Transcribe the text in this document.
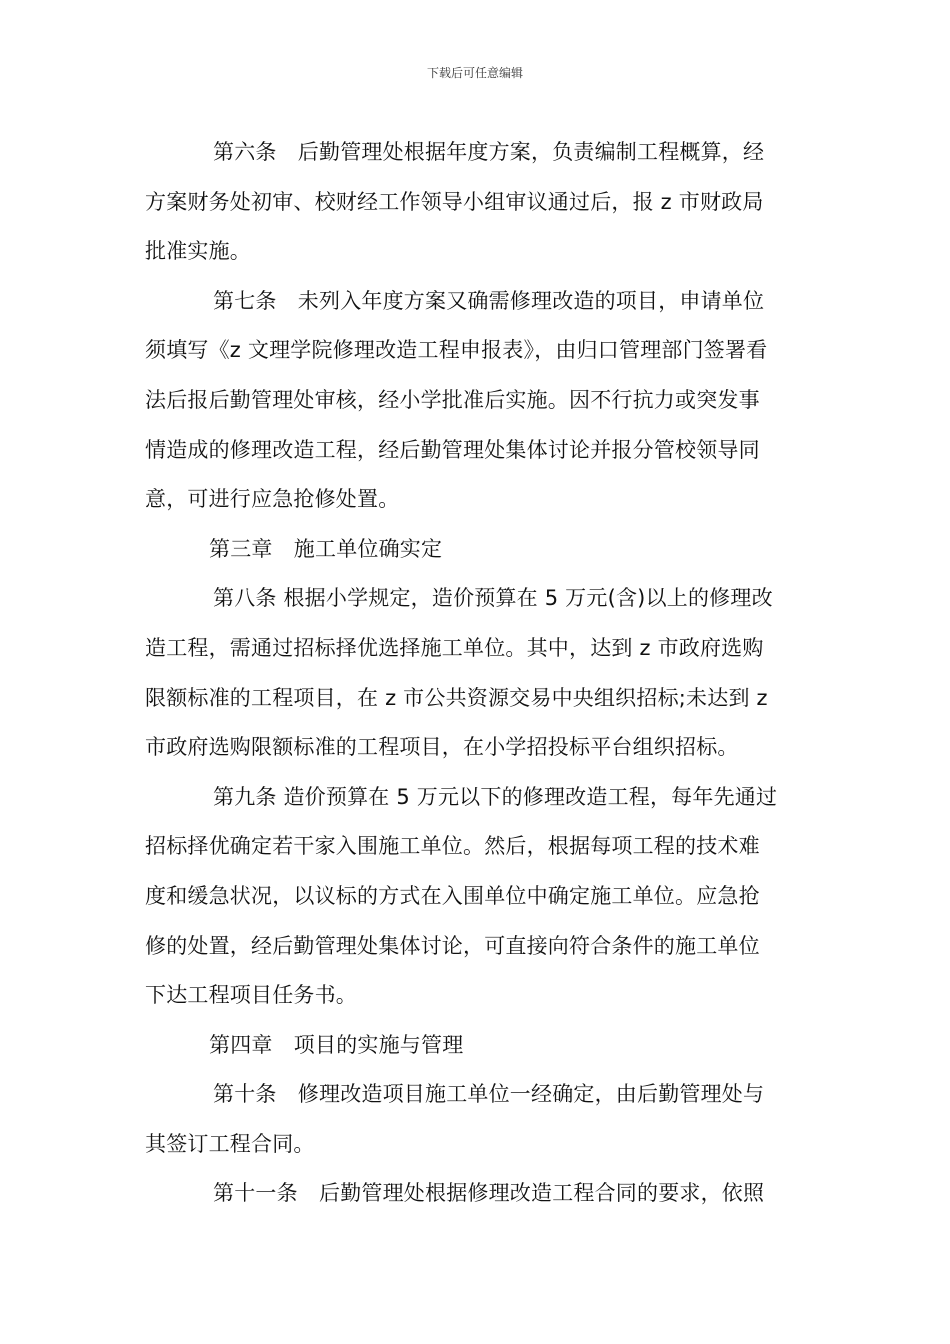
下载后可任意编辑
第六条　后勤管理处根据年度方案，负责编制工程概算，经
方案财务处初审、校财经工作领导小组审议通过后，报 z 市财政局
批准实施。
第七条　未列入年度方案又确需修理改造的项目，申请单位
须填写《z 文理学院修理改造工程申报表》，由归口管理部门签署看
法后报后勤管理处审核，经小学批准后实施。因不行抗力或突发事
情造成的修理改造工程，经后勤管理处集体讨论并报分管校领导同
意，可进行应急抢修处置。
第三章　施工单位确实定
第八条 根据小学规定，造价预算在 5 万元(含)以上的修理改
造工程，需通过招标择优选择施工单位。其中，达到 z 市政府选购
限额标准的工程项目，在 z 市公共资源交易中央组织招标;未达到 z
市政府选购限额标准的工程项目，在小学招投标平台组织招标。
第九条 造价预算在 5 万元以下的修理改造工程，每年先通过
招标择优确定若干家入围施工单位。然后，根据每项工程的技术难
度和缓急状况，以议标的方式在入围单位中确定施工单位。应急抢
修的处置，经后勤管理处集体讨论，可直接向符合条件的施工单位
下达工程项目任务书。
第四章　项目的实施与管理
第十条　修理改造项目施工单位一经确定，由后勤管理处与
其签订工程合同。
第十一条　后勤管理处根据修理改造工程合同的要求，依照
